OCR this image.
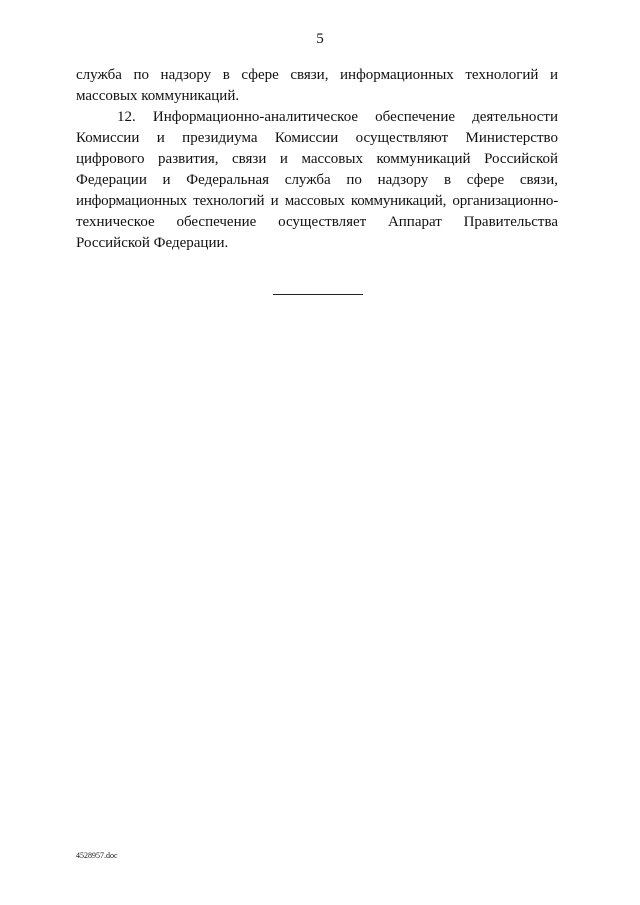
5
служба по надзору в сфере связи, информационных технологий и
массовых коммуникаций.
12. Информационно-аналитическое обеспечение деятельности
Комиссии и президиума Комиссии осуществляют Министерство
цифрового развития, связи и массовых коммуникаций Российской
Федерации и Федеральная служба по надзору в сфере связи,
информационных технологий и массовых коммуникаций, организационно-
техническое обеспечение осуществляет Аппарат Правительства
Российской Федерации.
4528957.doc
